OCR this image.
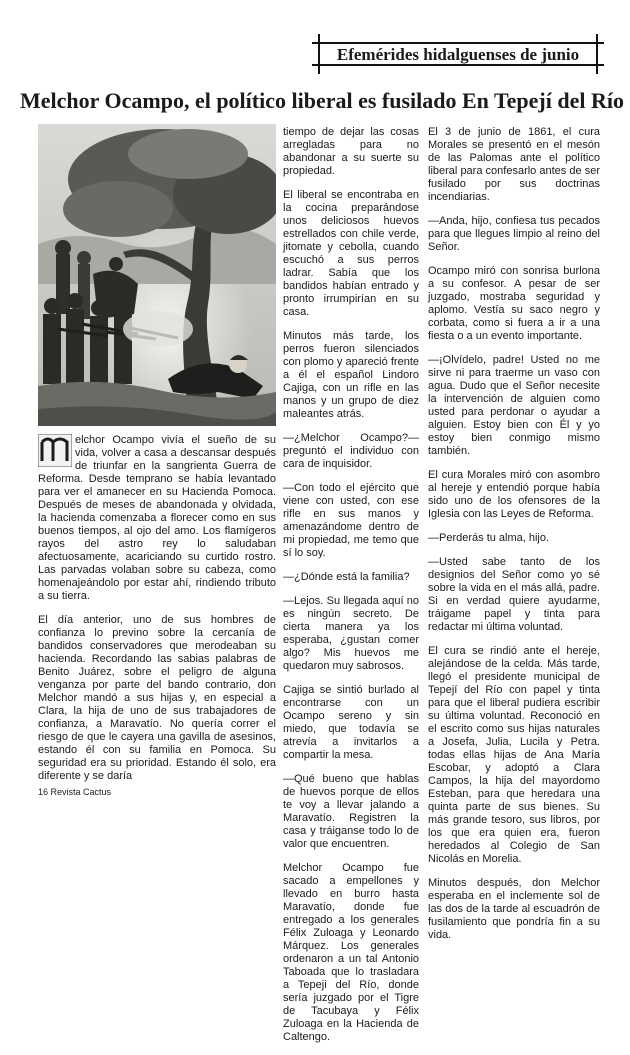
Efemérides hidalguenses de junio
Melchor Ocampo, el político liberal es fusilado En Tepejí del Río

elchor Ocampo vivía el sueño de su vida, volver a casa a descansar después de triunfar en la sangrienta Guerra de Reforma. Desde temprano se había levantado para ver el amanecer en su Hacienda Pomoca. Después de meses de abandonada y olvidada, la hacienda comenzaba a florecer como en sus buenos tiempos, al ojo del amo. Los flamígeros rayos del astro rey lo saludaban afectuosamente, acariciando su curtido rostro. Las parvadas volaban sobre su cabeza, como homenajeándolo por estar ahí, rindiendo tributo a su tierra.

El día anterior, uno de sus hombres de confianza lo previno sobre la cercanía de bandidos conservadores que merodeaban su hacienda. Recordando las sabias palabras de Benito Juárez, sobre el peligro de alguna venganza por parte del bando contrario, don Melchor mandó a sus hijas y, en especial a Clara, la hija de uno de sus trabajadores de confianza, a Maravatío. No quería correr el riesgo de que le cayera una gavilla de asesinos, estando él con su familia en Pomoca. Su seguridad era su prioridad. Estando él solo, era diferente y se daría

tiempo de dejar las cosas arregladas para no abandonar a su suerte su propiedad.

El liberal se encontraba en la cocina preparándose unos deliciosos huevos estrellados con chile verde, jitomate y cebolla, cuando escuchó a sus perros ladrar. Sabía que los bandidos habían entrado y pronto irrumpirían en su casa.

Minutos más tarde, los perros fueron silenciados con plomo y apareció frente a él el español Lindoro Cajiga, con un rifle en las manos y un grupo de diez maleantes atrás.

—¿Melchor Ocampo?— preguntó el individuo con cara de inquisidor.

—Con todo el ejército que viene con usted, con ese rifle en sus manos y amenazándome dentro de mi propiedad, me temo que sí lo soy.

—¿Dónde está la familia?

—Lejos. Su llegada aquí no es ningún secreto. De cierta manera ya los esperaba, ¿gustan comer algo? Mis huevos me quedaron muy sabrosos.

Cajiga se sintió burlado al encontrarse con un Ocampo sereno y sin miedo, que todavía se atrevía a invitarlos a compartir la mesa.

—Qué bueno que hablas de huevos porque de ellos te voy a llevar jalando a Maravatío. Registren la casa y tráiganse todo lo de valor que encuentren.

Melchor Ocampo fue sacado a empellones y llevado en burro hasta Maravatío, donde fue entregado a los generales Félix Zuloaga y Leonardo Márquez. Los generales ordenaron a un tal Antonio Taboada que lo trasladara a Tepeji del Río, donde sería juzgado por el Tigre de Tacubaya y Félix Zuloaga en la Hacienda de Caltengo.

El 3 de junio de 1861, el cura Morales se presentó en el mesón de las Palomas ante el político liberal para confesarlo antes de ser fusilado por sus doctrinas incendiarias.

—Anda, hijo, confiesa tus pecados para que llegues limpio al reino del Señor.

Ocampo miró con sonrisa burlona a su confesor. A pesar de ser juzgado, mostraba seguridad y aplomo. Vestía su saco negro y corbata, como si fuera a ir a una fiesta o a un evento importante.

—¡Olvídelo, padre! Usted no me sirve ni para traerme un vaso con agua. Dudo que el Señor necesite la intervención de alguien como usted para perdonar o ayudar a alguien. Estoy bien con Él y yo estoy bien conmigo mismo también.

El cura Morales miró con asombro al hereje y entendió porque había sido uno de los ofensores de la Iglesia con las Leyes de Reforma.

—Perderás tu alma, hijo.

—Usted sabe tanto de los designios del Señor como yo sé sobre la vida en el más allá, padre. Si en verdad quiere ayudarme, tráigame papel y tinta para redactar mi última voluntad.

El cura se rindió ante el hereje, alejándose de la celda. Más tarde, llegó el presidente municipal de Tepejí del Río con papel y tinta para que el liberal pudiera escribir su última voluntad. Reconoció en el escrito como sus hijas naturales a Josefa, Julia, Lucila y Petra. todas ellas hijas de Ana María Escobar, y adoptó a Clara Campos, la hija del mayordomo Esteban, para que heredara una quinta parte de sus bienes. Su más grande tesoro, sus libros, por los que era quien era, fueron heredados al Colegio de San Nicolás en Morelia.

Minutos después, don Melchor esperaba en el inclemente sol de las dos de la tarde al escuadrón de fusilamiento que pondría fin a su vida.

16 Revista Cactus
